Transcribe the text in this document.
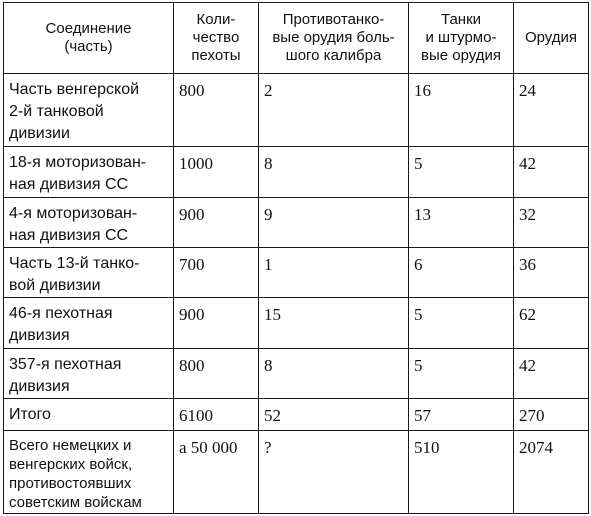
Соединение
(часть)	Коли-
чество
пехоты	Противотанко-
вые орудия боль-
шого калибра	Танки
и штурмо-
вые орудия	Орудия
Часть венгерской
2-й танковой
дивизии	800	2	16	24
18-я моторизован-
ная дивизия СС	1000	8	5	42
4-я моторизован-
ная дивизия СС	900	9	13	32
Часть 13-й танко-
вой дивизии	700	1	6	36
46-я пехотная
дивизия	900	15	5	62
357-я пехотная
дивизия	800	8	5	42
Итого	6100	52	57	270
Всего немецких и
венгерских войск,
противостоявших
советским войскам	а 50 000	?	510	2074
